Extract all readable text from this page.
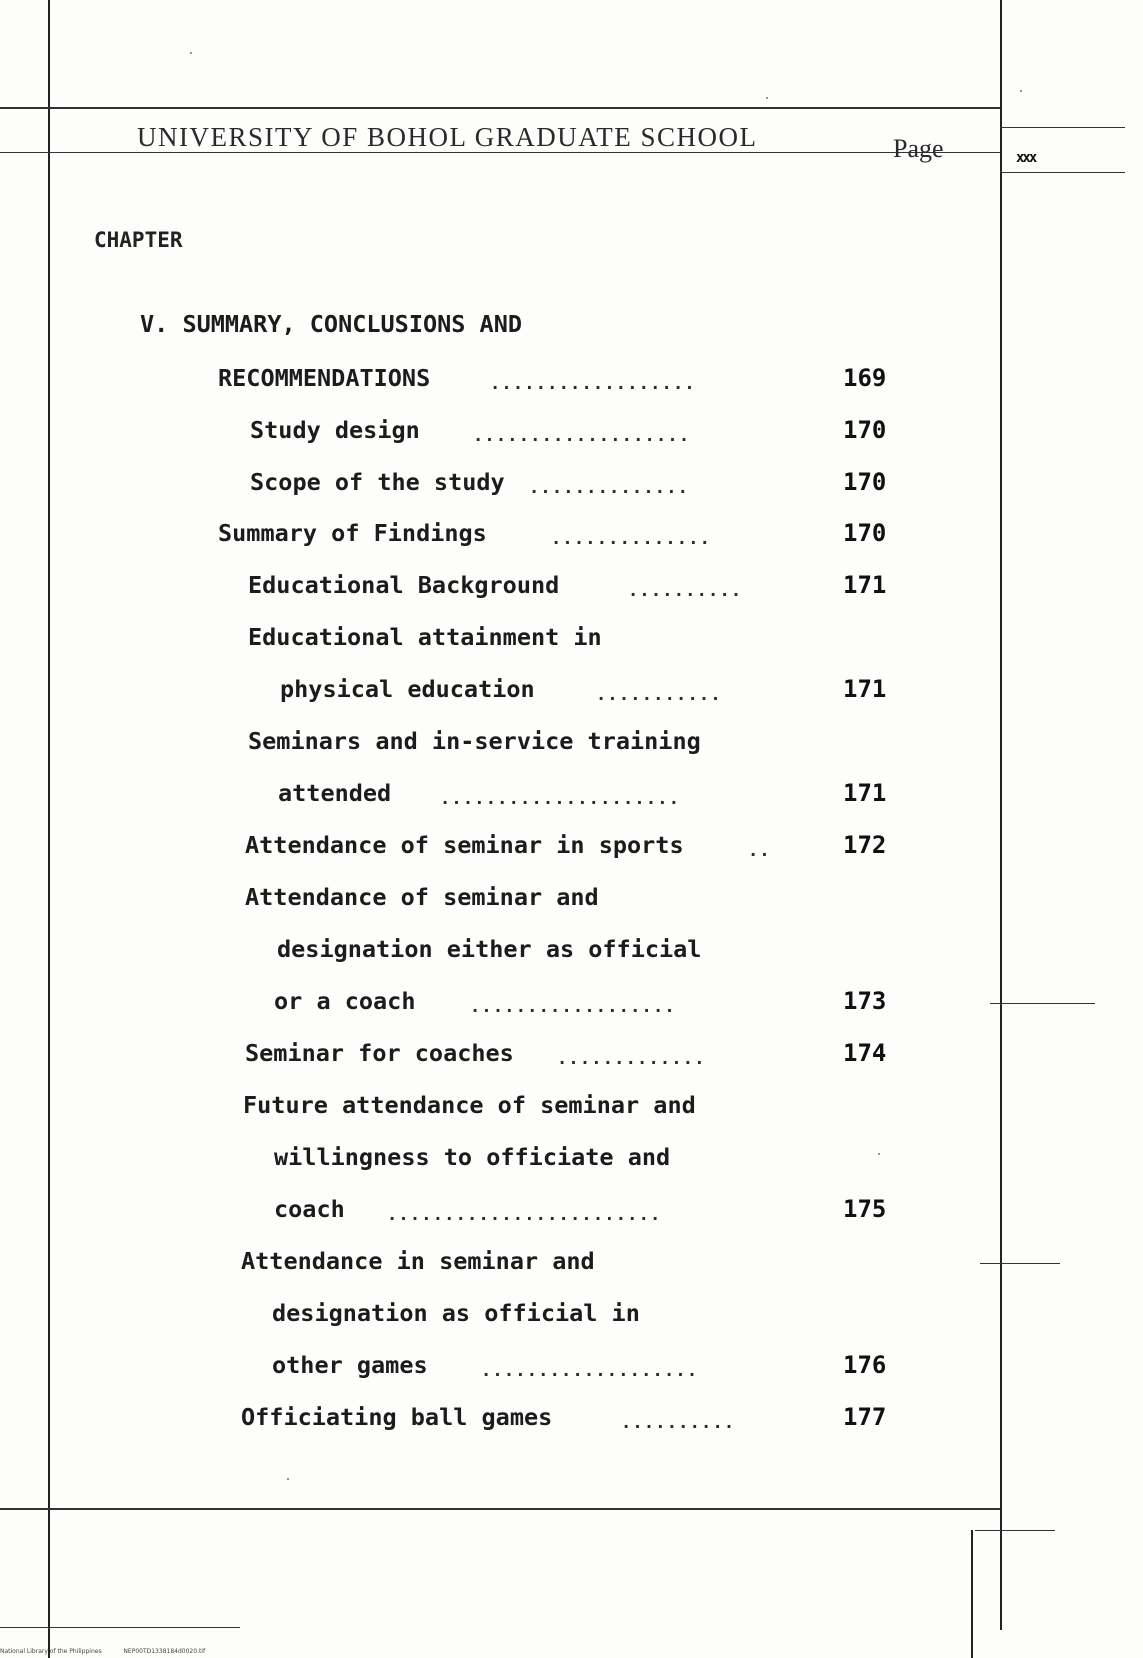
UNIVERSITY OF BOHOL GRADUATE SCHOOL	Page	xxx
CHAPTER
V. SUMMARY, CONCLUSIONS AND
RECOMMENDATIONS	..................	169
Study design	...................	170
Scope of the study ..............	170
Summary of Findings	..............	170
Educational Background	..........	171
Educational attainment in
physical education	...........	171
Seminars and in-service training
attended	.....................	171
Attendance of seminar in sports	..	172
Attendance of seminar and
designation either as official
or a coach	..................	173
Seminar for coaches	.............	174
Future attendance of seminar and
willingness to officiate and
coach ........................	175
Attendance in seminar and
designation as official in
other games	...................	176
Officiating ball games	..........	177
National Library of the Philippines	NEP00TD1338184d0020.tif
